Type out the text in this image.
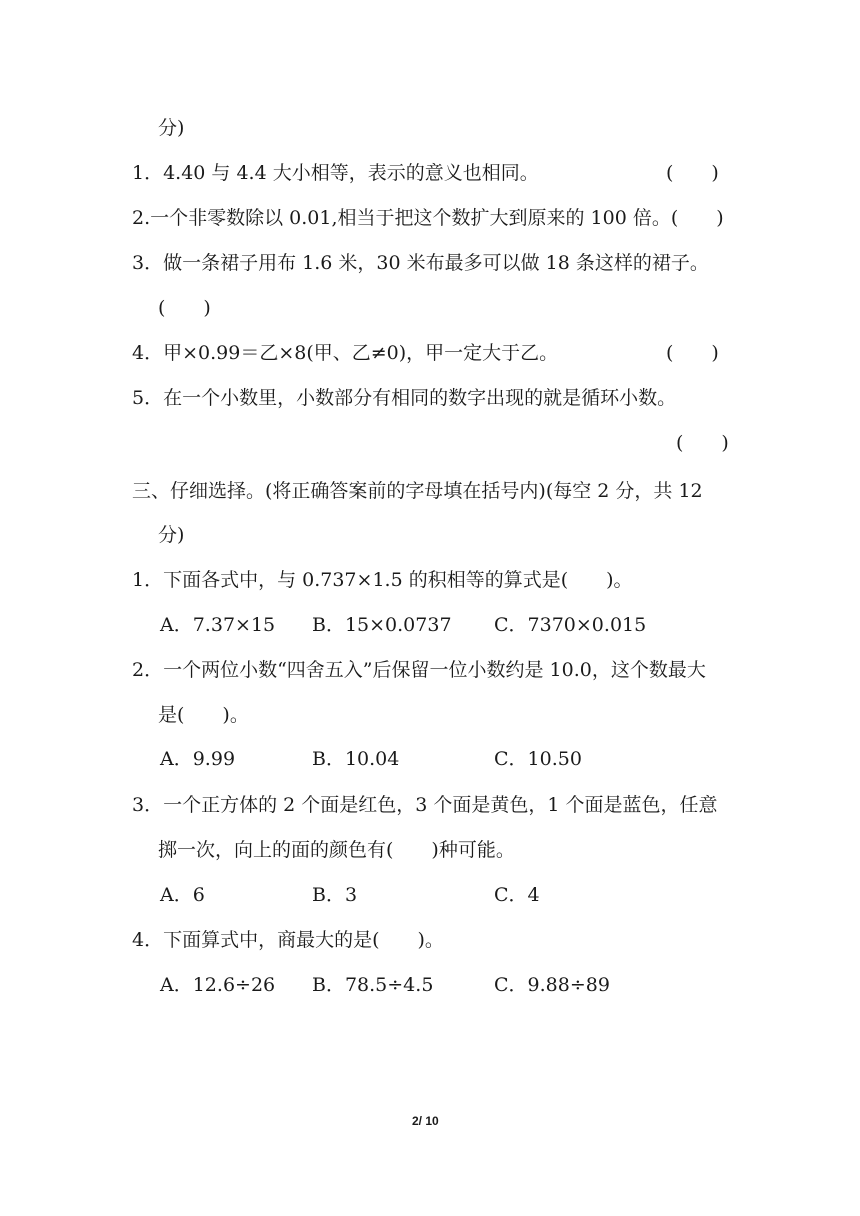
分)
1．4.40 与 4.4 大小相等，表示的意义也相同。	(　　)
2.一个非零数除以 0.01,相当于把这个数扩大到原来的 100 倍。(　　)
3．做一条裙子用布 1.6 米，30 米布最多可以做 18 条这样的裙子。
(　　)
4．甲×0.99＝乙×8(甲、乙≠0)，甲一定大于乙。	(　　)
5．在一个小数里，小数部分有相同的数字出现的就是循环小数。
(　　)
三、仔细选择。(将正确答案前的字母填在括号内)(每空 2 分，共 12
分)
1．下面各式中，与 0.737×1.5 的积相等的算式是(　　)。
A．7.37×15 B．15×0.0737 C．7370×0.015
2．一个两位小数“四舍五入”后保留一位小数约是 10.0，这个数最大
是(　　)。
A．9.99	B．10.04	C．10.50
3．一个正方体的 2 个面是红色，3 个面是黄色，1 个面是蓝色，任意
掷一次，向上的面的颜色有(　　)种可能。
A．6	B．3	C．4
4．下面算式中，商最大的是(　　)。
A．12.6÷26 B．78.5÷4.5	C．9.88÷89
2/ 10
